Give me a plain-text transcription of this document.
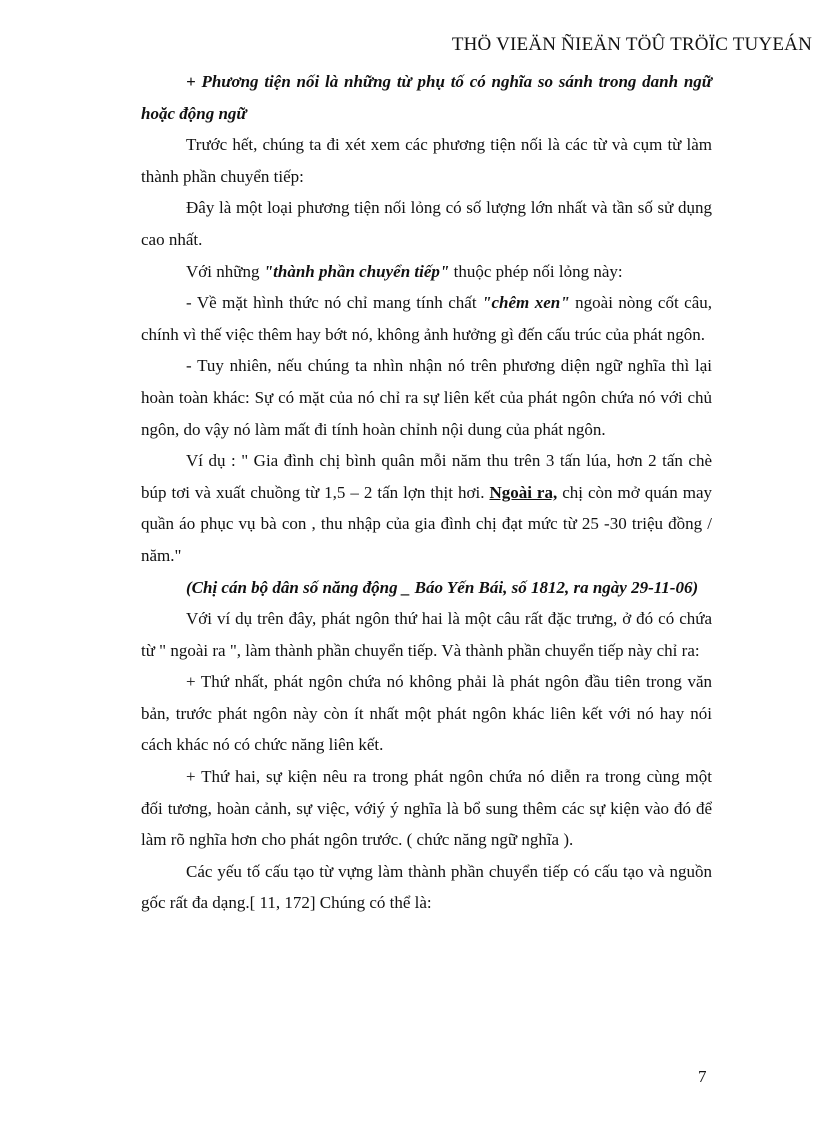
THÖ VIEÄN ÑIEÄN TÖÛ TRÖÏC TUYEÁN

+ Phương tiện nối là những từ phụ tố có nghĩa so sánh trong danh ngữ hoặc động ngữ

Trước hết, chúng ta đi xét xem các phương tiện nối là các từ và cụm từ làm thành phần chuyển tiếp:

Đây là một loại phương tiện nối lỏng có số lượng lớn nhất và tần số sử dụng cao nhất.

Với những "thành phần chuyển tiếp" thuộc phép nối lỏng này:

- Về mặt hình thức nó chỉ mang tính chất "chêm xen" ngoài nòng cốt câu, chính vì thế việc thêm hay bớt nó, không ảnh hưởng gì đến cấu trúc của phát ngôn.

- Tuy nhiên, nếu chúng ta nhìn nhận nó trên phương diện ngữ nghĩa thì lại hoàn toàn khác: Sự có mặt của nó chỉ ra sự liên kết của phát ngôn chứa nó với chủ ngôn, do vậy nó làm mất đi tính hoàn chỉnh nội dung của phát ngôn.

Ví dụ : " Gia đình chị bình quân mỗi năm thu trên 3 tấn lúa, hơn 2 tấn chè búp tơi và xuất chuồng từ 1,5 – 2 tấn lợn thịt hơi. Ngoài ra, chị còn mở quán may quần áo phục vụ bà con , thu nhập của gia đình chị đạt mức từ 25 -30 triệu đồng / năm."

(Chị cán bộ dân số năng động _ Báo Yến Bái, số 1812, ra ngày 29-11-06)

Với ví dụ trên đây, phát ngôn thứ hai là một câu rất đặc trưng, ở đó có chứa từ " ngoài ra ", làm thành phần chuyển tiếp. Và thành phần chuyển tiếp này chỉ ra:

+ Thứ nhất, phát ngôn chứa nó không phải là phát ngôn đầu tiên trong văn bản, trước phát ngôn này còn ít nhất một phát ngôn khác liên kết với nó hay nói cách khác nó có chức năng liên kết.

+ Thứ hai, sự kiện nêu ra trong phát ngôn chứa nó diễn ra trong cùng một đối tương, hoàn cảnh, sự việc, vớiý ý nghĩa là bổ sung thêm các sự kiện vào đó để làm rõ nghĩa hơn cho phát ngôn trước. ( chức năng ngữ nghĩa ).

Các yếu tố cấu tạo từ vựng làm thành phần chuyển tiếp có cấu tạo và nguồn gốc rất đa dạng.[ 11, 172] Chúng có thể là:

7
